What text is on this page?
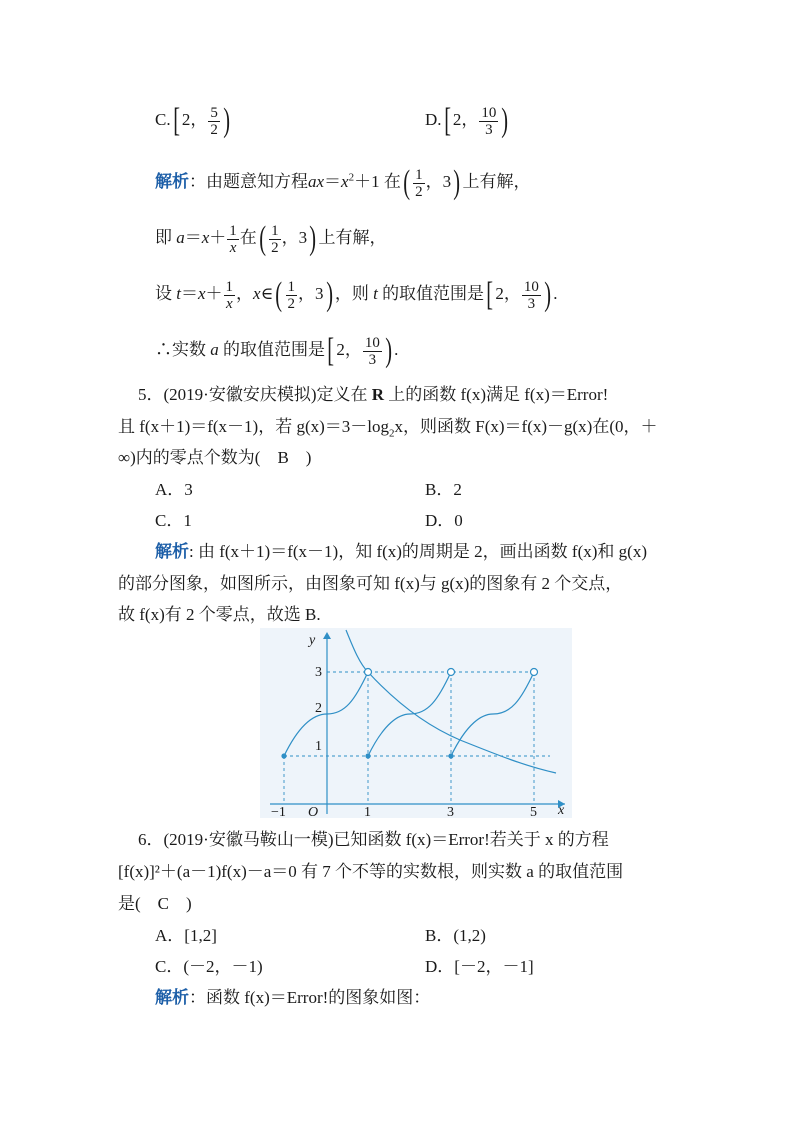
C.[ 2， $\frac{5}{2}$ )	D.[ 2， $\frac{10}{3}$ )
解析：由题意知方程$ax=x^2+1$ 在( $\frac{1}{2}$ ，3) 上有解，
即 $a=x+ \frac{1}{x}$ 在( $\frac{1}{2}$ ，3) 上有解，
设 $t=x+ \frac{1}{x}$ ，x∈( $\frac{1}{2}$ ，3) ，则 t 的取值范围是[ 2， $\frac{10}{3}$ ) .
∴实数 a 的取值范围是[ 2， $\frac{10}{3}$ ) .
5．(2019·安徽安庆模拟)定义在 R 上的函数 f(x)满足 f(x)＝Error!
且 f(x＋1)＝f(x－1)，若 $g(x)=3-\log_2x$，则函数 F(x)＝f(x)－g(x)在(0，＋
∞)内的零点个数为(　B　)
A．3	B．2
C．1	D．0
解析: 由 f(x＋1)＝f(x－1)，知 f(x)的周期是 2，画出函数 f(x)和 g(x)
的部分图象，如图所示，由图象可知 f(x)与 g(x)的图象有 2 个交点，
故 f(x)有 2 个零点，故选 B.
y
x
O
−1	1	3	5
1
2
3
6．(2019·安徽马鞍山一模)已知函数 f(x)＝Error!若关于 x 的方程
[f(x)]²＋(a－1)f(x)－a＝0 有 7 个不等的实数根，则实数 a 的取值范围
是(　C　)
A．[1,2]	B．(1,2)
C．(－2，－1)	D．[－2，－1]
解析：函数 f(x)＝Error!的图象如图：
